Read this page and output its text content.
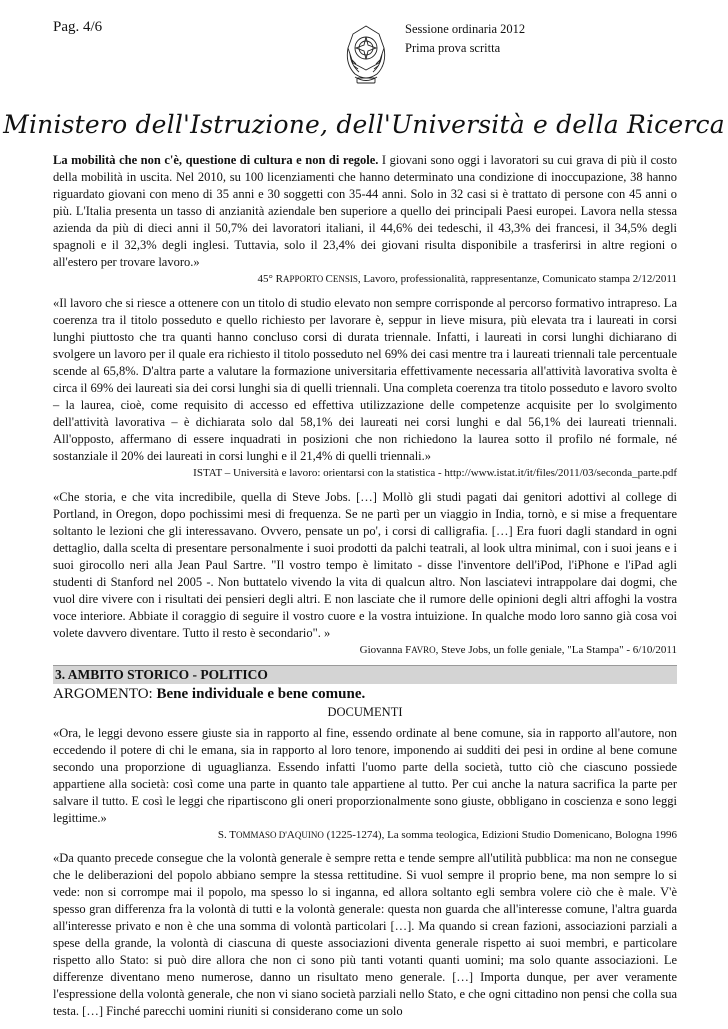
Pag. 4/6	Sessione ordinaria 2012
Prima prova scritta
Ministero dell'Istruzione, dell'Università e della Ricerca

La mobilità che non c'è, questione di cultura e non di regole. I giovani sono oggi i lavoratori su cui grava di più il costo della mobilità in uscita. Nel 2010, su 100 licenziamenti che hanno determinato una condizione di inoccupazione, 38 hanno riguardato giovani con meno di 35 anni e 30 soggetti con 35-44 anni. Solo in 32 casi si è trattato di persone con 45 anni o più. L'Italia presenta un tasso di anzianità aziendale ben superiore a quello dei principali Paesi europei. Lavora nella stessa azienda da più di dieci anni il 50,7% dei lavoratori italiani, il 44,6% dei tedeschi, il 43,3% dei francesi, il 34,5% degli spagnoli e il 32,3% degli inglesi. Tuttavia, solo il 23,4% dei giovani risulta disponibile a trasferirsi in altre regioni o all'estero per trovare lavoro.»

45° RAPPORTO CENSIS, Lavoro, professionalità, rappresentanze, Comunicato stampa 2/12/2011

«Il lavoro che si riesce a ottenere con un titolo di studio elevato non sempre corrisponde al percorso formativo intrapreso. La coerenza tra il titolo posseduto e quello richiesto per lavorare è, seppur in lieve misura, più elevata tra i laureati in corsi lunghi piuttosto che tra quanti hanno concluso corsi di durata triennale. Infatti, i laureati in corsi lunghi dichiarano di svolgere un lavoro per il quale era richiesto il titolo posseduto nel 69% dei casi mentre tra i laureati triennali tale percentuale scende al 65,8%. D'altra parte a valutare la formazione universitaria effettivamente necessaria all'attività lavorativa svolta è circa il 69% dei laureati sia dei corsi lunghi sia di quelli triennali. Una completa coerenza tra titolo posseduto e lavoro svolto – la laurea, cioè, come requisito di accesso ed effettiva utilizzazione delle competenze acquisite per lo svolgimento dell'attività lavorativa – è dichiarata solo dal 58,1% dei laureati nei corsi lunghi e dal 56,1% dei laureati triennali. All'opposto, affermano di essere inquadrati in posizioni che non richiedono la laurea sotto il profilo né formale, né sostanziale il 20% dei laureati in corsi lunghi e il 21,4% di quelli triennali.»

ISTAT – Università e lavoro: orientarsi con la statistica - http://www.istat.it/it/files/2011/03/seconda_parte.pdf

«Che storia, e che vita incredibile, quella di Steve Jobs. […] Mollò gli studi pagati dai genitori adottivi al college di Portland, in Oregon, dopo pochissimi mesi di frequenza. Se ne partì per un viaggio in India, tornò, e si mise a frequentare soltanto le lezioni che gli interessavano. Ovvero, pensate un po', i corsi di calligrafia. […] Era fuori dagli standard in ogni dettaglio, dalla scelta di presentare personalmente i suoi prodotti da palchi teatrali, al look ultra minimal, con i suoi jeans e i suoi girocollo neri alla Jean Paul Sartre. "Il vostro tempo è limitato - disse l'inventore dell'iPod, l'iPhone e l'iPad agli studenti di Stanford nel 2005 -. Non buttatelo vivendo la vita di qualcun altro. Non lasciatevi intrappolare dai dogmi, che vuol dire vivere con i risultati dei pensieri degli altri. E non lasciate che il rumore delle opinioni degli altri affoghi la vostra voce interiore. Abbiate il coraggio di seguire il vostro cuore e la vostra intuizione. In qualche modo loro sanno già cosa voi volete davvero diventare. Tutto il resto è secondario". »

Giovanna FAVRO, Steve Jobs, un folle geniale, "La Stampa" - 6/10/2011
3. AMBITO STORICO - POLITICO
ARGOMENTO: Bene individuale e bene comune.
DOCUMENTI

«Ora, le leggi devono essere giuste sia in rapporto al fine, essendo ordinate al bene comune, sia in rapporto all'autore, non eccedendo il potere di chi le emana, sia in rapporto al loro tenore, imponendo ai sudditi dei pesi in ordine al bene comune secondo una proporzione di uguaglianza. Essendo infatti l'uomo parte della società, tutto ciò che ciascuno possiede appartiene alla società: così come una parte in quanto tale appartiene al tutto. Per cui anche la natura sacrifica la parte per salvare il tutto. E così le leggi che ripartiscono gli oneri proporzionalmente sono giuste, obbligano in coscienza e sono leggi legittime.»

S. TOMMASO D'AQUINO (1225-1274), La somma teologica, Edizioni Studio Domenicano, Bologna 1996

«Da quanto precede consegue che la volontà generale è sempre retta e tende sempre all'utilità pubblica: ma non ne consegue che le deliberazioni del popolo abbiano sempre la stessa rettitudine. Si vuol sempre il proprio bene, ma non sempre lo si vede: non si corrompe mai il popolo, ma spesso lo si inganna, ed allora soltanto egli sembra volere ciò che è male. V'è spesso gran differenza fra la volontà di tutti e la volontà generale: questa non guarda che all'interesse comune, l'altra guarda all'interesse privato e non è che una somma di volontà particolari […]. Ma quando si crean fazioni, associazioni parziali a spese della grande, la volontà di ciascuna di queste associazioni diventa generale rispetto ai suoi membri, e particolare rispetto allo Stato: si può dire allora che non ci sono più tanti votanti quanti uomini; ma solo quante associazioni. Le differenze diventano meno numerose, danno un risultato meno generale. […] Importa dunque, per aver veramente l'espressione della volontà generale, che non vi siano società parziali nello Stato, e che ogni cittadino non pensi che colla sua testa. […] Finché parecchi uomini riuniti si considerano come un solo
